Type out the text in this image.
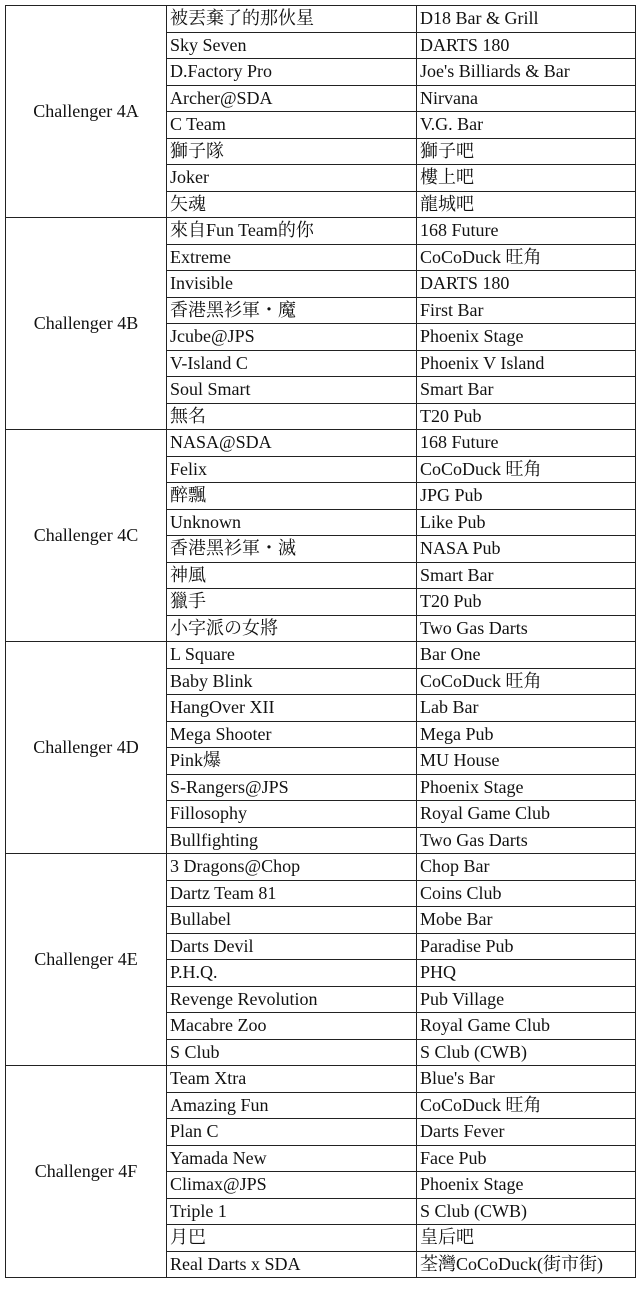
Challenger 4A	被丟棄了的那伙星	D18 Bar & Grill
	Sky Seven	DARTS 180
	D.Factory Pro	Joe's Billiards & Bar
	Archer@SDA	Nirvana
	C Team	V.G. Bar
	獅子隊	獅子吧
	Joker	樓上吧
	矢魂	龍城吧
Challenger 4B	來自Fun Team的你	168 Future
	Extreme	CoCoDuck 旺角
	Invisible	DARTS 180
	香港黑衫軍・魔	First Bar
	Jcube@JPS	Phoenix Stage
	V-Island C	Phoenix V Island
	Soul Smart	Smart Bar
	無名	T20 Pub
Challenger 4C	NASA@SDA	168 Future
	Felix	CoCoDuck 旺角
	醉飄	JPG Pub
	Unknown	Like Pub
	香港黑衫軍・滅	NASA Pub
	神風	Smart Bar
	獵手	T20 Pub
	小字派の女將	Two Gas Darts
Challenger 4D	L Square	Bar One
	Baby Blink	CoCoDuck 旺角
	HangOver XII	Lab Bar
	Mega Shooter	Mega Pub
	Pink爆	MU House
	S-Rangers@JPS	Phoenix Stage
	Fillosophy	Royal Game Club
	Bullfighting	Two Gas Darts
Challenger 4E	3 Dragons@Chop	Chop Bar
	Dartz Team 81	Coins Club
	Bullabel	Mobe Bar
	Darts Devil	Paradise Pub
	P.H.Q.	PHQ
	Revenge Revolution	Pub Village
	Macabre Zoo	Royal Game Club
	S Club	S Club (CWB)
Challenger 4F	Team Xtra	Blue's Bar
	Amazing Fun	CoCoDuck 旺角
	Plan C	Darts Fever
	Yamada New	Face Pub
	Climax@JPS	Phoenix Stage
	Triple 1	S Club (CWB)
	月巴	皇后吧
	Real Darts x SDA	荃灣CoCoDuck(街市街)
